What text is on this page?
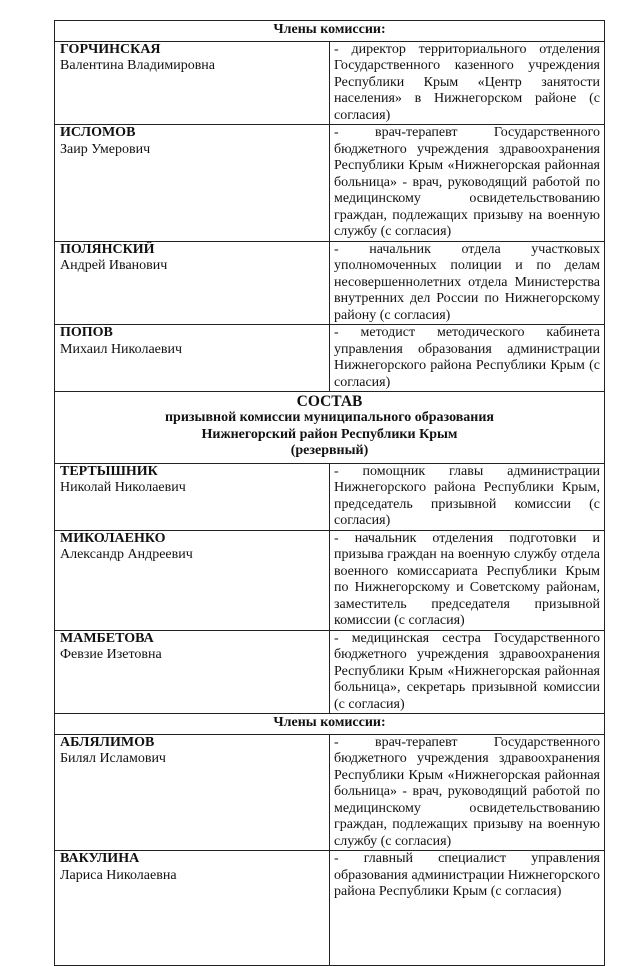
Члены комиссии:	

ГОРЧИНСКАЯ
Валентина Владимировна	- директор территориального отделения Государственного казенного учреждения Республики Крым «Центр занятости населения» в Нижнегорском районе (с согласия)

ИСЛОМОВ
Заир Умерович	- врач-терапевт Государственного бюджетного учреждения здравоохранения Республики Крым «Нижнегорская районная больница» - врач, руководящий работой по медицинскому освидетельствованию граждан, подлежащих призыву на военную службу (с согласия)

ПОЛЯНСКИЙ
Андрей Иванович	- начальник отдела участковых уполномоченных полиции и по делам несовершеннолетних отдела Министерства внутренних дел России по Нижнегорскому району (с согласия)

ПОПОВ
Михаил Николаевич	- методист методического кабинета управления образования администрации Нижнегорского района Республики Крым (с согласия)

СОСТАВ
призывной комиссии муниципального образования
Нижнегорский район Республики Крым
(резервный)	

ТЕРТЫШНИК
Николай Николаевич	- помощник главы администрации Нижнегорского района Республики Крым, председатель призывной комиссии (с согласия)

МИКОЛАЕНКО
Александр Андреевич	- начальник отделения подготовки и призыва граждан на военную службу отдела военного комиссариата Республики Крым по Нижнегорскому и Советскому районам, заместитель председателя призывной комиссии (с согласия)

МАМБЕТОВА
Февзие Изетовна	- медицинская сестра Государственного бюджетного учреждения здравоохранения Республики Крым «Нижнегорская районная больница», секретарь призывной комиссии (с согласия)
Члены комиссии:	

АБЛЯЛИМОВ
Билял Исламович	- врач-терапевт Государственного бюджетного учреждения здравоохранения Республики Крым «Нижнегорская районная больница» - врач, руководящий работой по медицинскому освидетельствованию граждан, подлежащих призыву на военную службу (с согласия)

ВАКУЛИНА
Лариса Николаевна	- главный специалист управления образования администрации Нижнегорского района Республики Крым (с согласия)
